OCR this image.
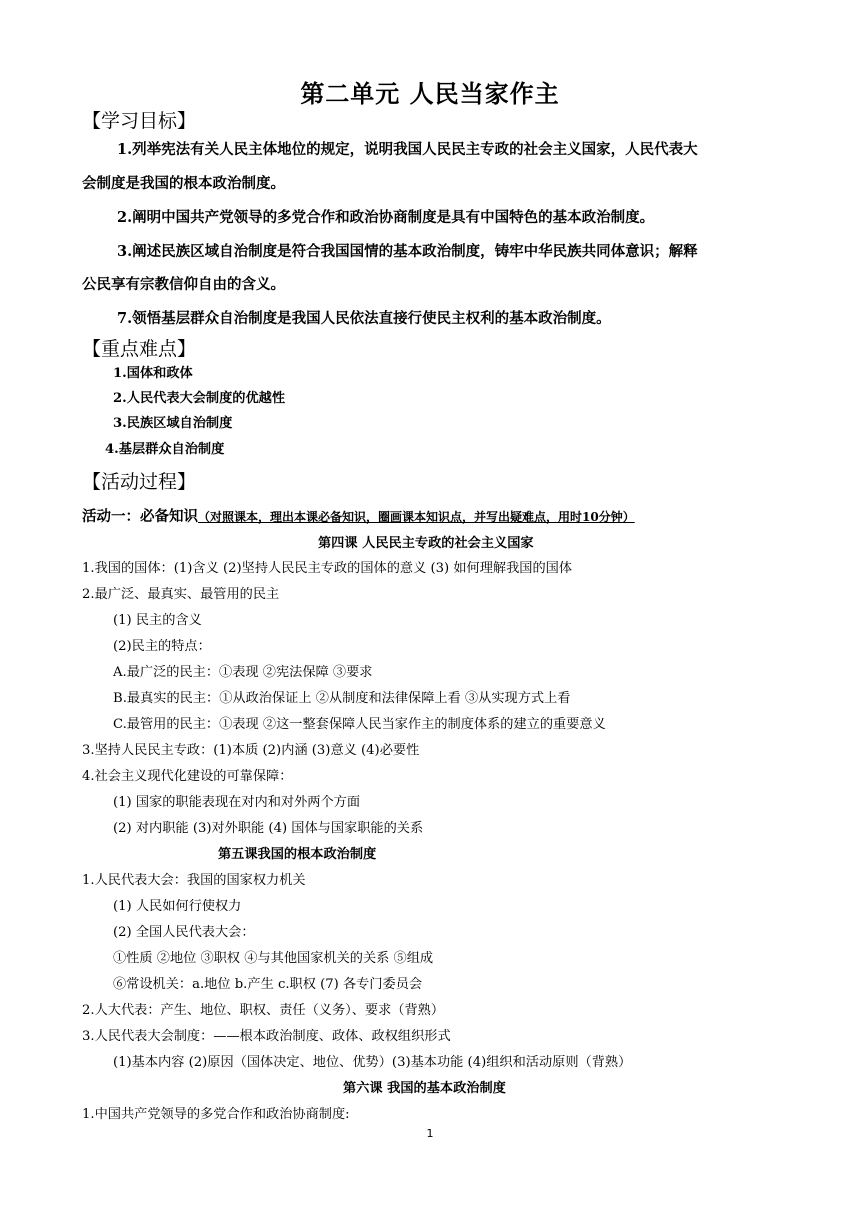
第二单元 人民当家作主
【学习目标】
1.列举宪法有关人民主体地位的规定，说明我国人民民主专政的社会主义国家，人民代表大
会制度是我国的根本政治制度。
2.阐明中国共产党领导的多党合作和政治协商制度是具有中国特色的基本政治制度。
3.阐述民族区域自治制度是符合我国国情的基本政治制度，铸牢中华民族共同体意识；解释
公民享有宗教信仰自由的含义。
7.领悟基层群众自治制度是我国人民依法直接行使民主权利的基本政治制度。
【重点难点】
1.国体和政体
2.人民代表大会制度的优越性
3.民族区域自治制度
4.基层群众自治制度
【活动过程】
活动一：必备知识（对照课本，理出本课必备知识，圈画课本知识点，并写出疑难点，用时10分钟）
第四课 人民民主专政的社会主义国家
1.我国的国体：(1)含义 (2)坚持人民民主专政的国体的意义 (3) 如何理解我国的国体
2.最广泛、最真实、最管用的民主
(1) 民主的含义
(2)民主的特点：
A.最广泛的民主：①表现 ②宪法保障 ③要求
B.最真实的民主：①从政治保证上 ②从制度和法律保障上看 ③从实现方式上看
C.最管用的民主：①表现 ②这一整套保障人民当家作主的制度体系的建立的重要意义
3.坚持人民民主专政：(1)本质 (2)内涵 (3)意义 (4)必要性
4.社会主义现代化建设的可靠保障：
(1) 国家的职能表现在对内和对外两个方面
(2) 对内职能 (3)对外职能 (4) 国体与国家职能的关系
第五课我国的根本政治制度
1.人民代表大会：我国的国家权力机关
(1) 人民如何行使权力
(2) 全国人民代表大会：
①性质 ②地位 ③职权 ④与其他国家机关的关系 ⑤组成
⑥常设机关：a.地位 b.产生 c.职权 (7) 各专门委员会
2.人大代表：产生、地位、职权、责任（义务）、要求（背熟）
3.人民代表大会制度：——根本政治制度、政体、政权组织形式
(1)基本内容 (2)原因（国体决定、地位、优势）(3)基本功能 (4)组织和活动原则（背熟）
第六课 我国的基本政治制度
1.中国共产党领导的多党合作和政治协商制度:
1
